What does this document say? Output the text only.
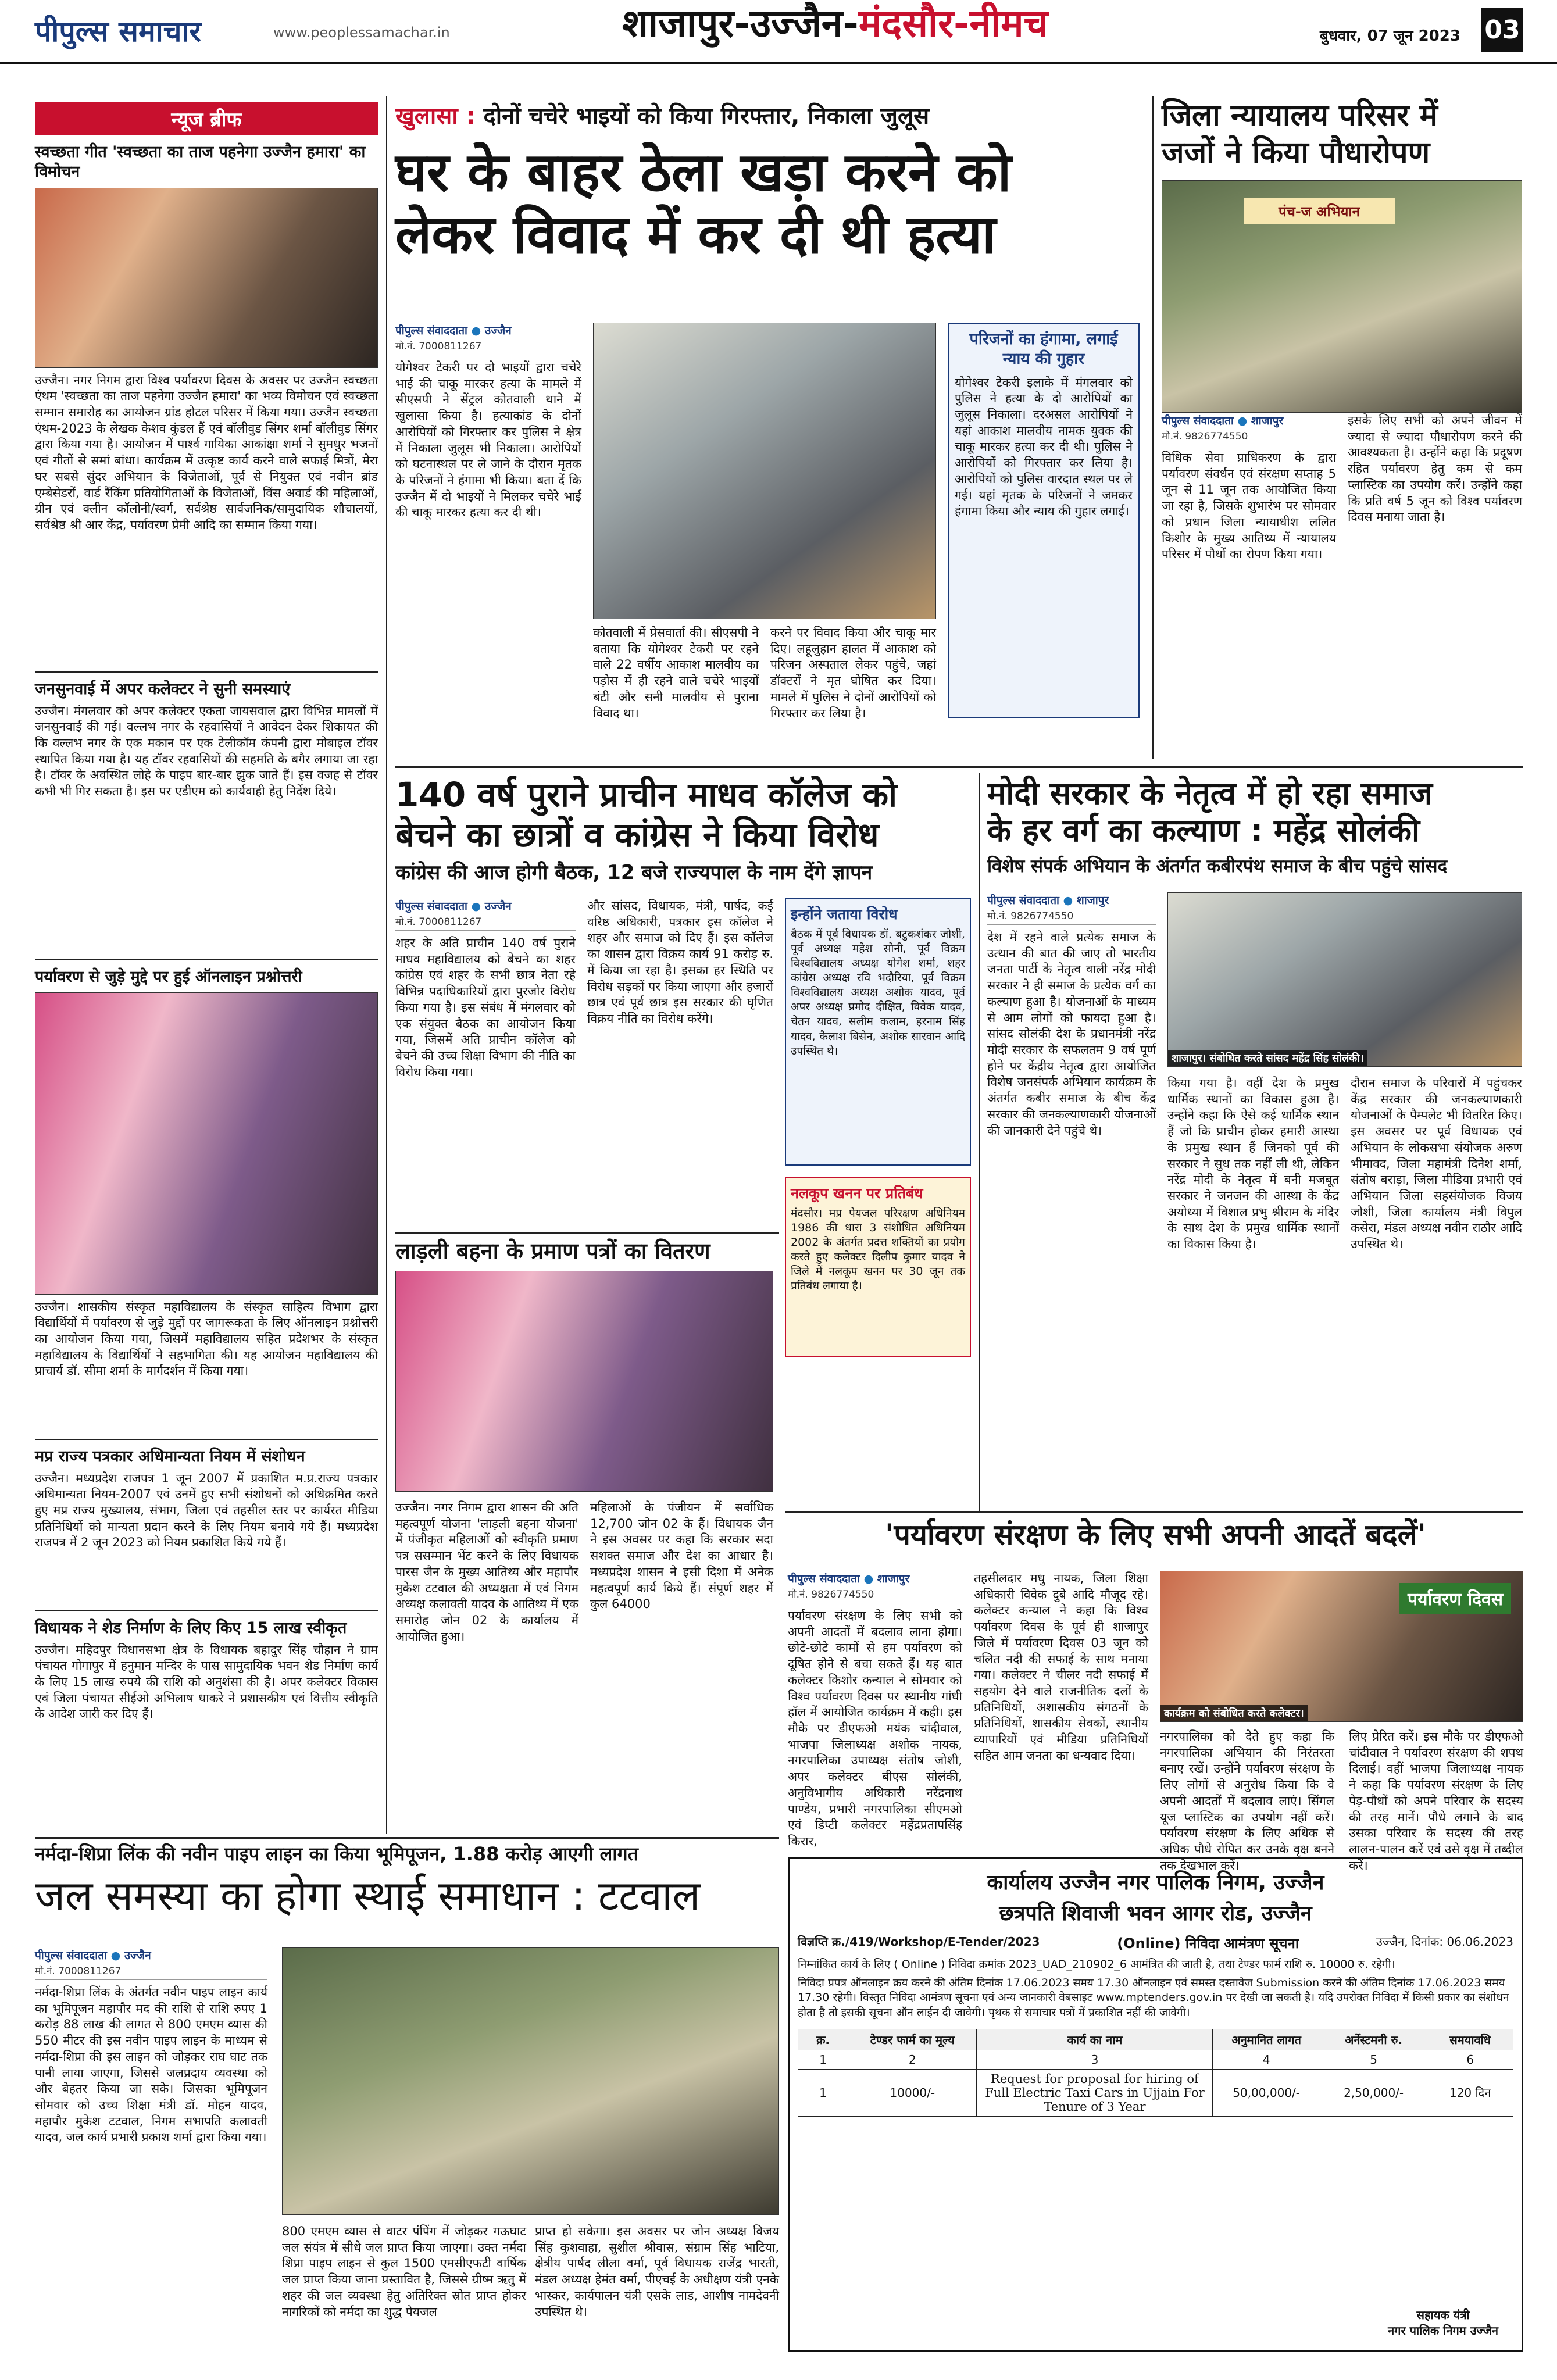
पीपुल्स समाचार	www.peoplessamachar.in	शाजापुर-उज्जैन-मंदसौर-नीमच	बुधवार, 07 जून 2023 03
न्यूज ब्रीफ
स्वच्छता गीत 'स्वच्छता का ताज पहनेगा उज्जैन हमारा' का विमोचन

उज्जैन। नगर निगम द्वारा विश्व पर्यावरण दिवस के अवसर पर उज्जैन स्वच्छता एंथम 'स्वच्छता का ताज पहनेगा उज्जैन हमारा' का भव्य विमोचन एवं स्वच्छता सम्मान समारोह का आयोजन ग्रांड होटल परिसर में किया गया। उज्जैन स्वच्छता एंथम-2023 के लेखक केशव कुंडल हैं एवं बॉलीवुड सिंगर शर्मा बॉलीवुड सिंगर द्वारा किया गया है। आयोजन में पार्श्व गायिका आकांक्षा शर्मा ने सुमधुर भजनों एवं गीतों से समां बांधा। कार्यक्रम में उत्कृष्ट कार्य करने वाले सफाई मित्रों, मेरा घर सबसे सुंदर अभियान के विजेताओं, पूर्व से नियुक्त एवं नवीन ब्रांड एम्बेसेडरों, वार्ड रैंकिंग प्रतियोगिताओं के विजेताओं, विंस अवार्ड की महिलाओं, ग्रीन एवं क्लीन कॉलोनी/स्वर्ग, सर्वश्रेष्ठ सार्वजनिक/सामुदायिक शौचालयों, सर्वश्रेष्ठ श्री आर केंद्र, पर्यावरण प्रेमी आदि का सम्मान किया गया।

जनसुनवाई में अपर कलेक्टर ने सुनी समस्याएं

उज्जैन। मंगलवार को अपर कलेक्टर एकता जायसवाल द्वारा विभिन्न मामलों में जनसुनवाई की गई। वल्लभ नगर के रहवासियों ने आवेदन देकर शिकायत की कि वल्लभ नगर के एक मकान पर एक टेलीकॉम कंपनी द्वारा मोबाइल टॉवर स्थापित किया गया है। यह टॉवर रहवासियों की सहमति के बगैर लगाया जा रहा है। टॉवर के अवस्थित लोहे के पाइप बार-बार झुक जाते हैं। इस वजह से टॉवर कभी भी गिर सकता है। इस पर एडीएम को कार्यवाही हेतु निर्देश दिये।

पर्यावरण से जुड़े मुद्दे पर हुई ऑनलाइन प्रश्नोत्तरी

उज्जैन। शासकीय संस्कृत महाविद्यालय के संस्कृत साहित्य विभाग द्वारा विद्यार्थियों में पर्यावरण से जुड़े मुद्दों पर जागरूकता के लिए ऑनलाइन प्रश्नोत्तरी का आयोजन किया गया, जिसमें महाविद्यालय सहित प्रदेशभर के संस्कृत महाविद्यालय के विद्यार्थियों ने सहभागिता की। यह आयोजन महाविद्यालय की प्राचार्य डॉ. सीमा शर्मा के मार्गदर्शन में किया गया।

मप्र राज्य पत्रकार अधिमान्यता नियम में संशोधन

उज्जैन। मध्यप्रदेश राजपत्र 1 जून 2007 में प्रकाशित म.प्र.राज्य पत्रकार अधिमान्यता नियम-2007 एवं उनमें हुए सभी संशोधनों को अधिक्रमित करते हुए मप्र राज्य मुख्यालय, संभाग, जिला एवं तहसील स्तर पर कार्यरत मीडिया प्रतिनिधियों को मान्यता प्रदान करने के लिए नियम बनाये गये हैं। मध्यप्रदेश राजपत्र में 2 जून 2023 को नियम प्रकाशित किये गये हैं।

विधायक ने शेड निर्माण के लिए किए 15 लाख स्वीकृत

उज्जैन। महिदपुर विधानसभा क्षेत्र के विधायक बहादुर सिंह चौहान ने ग्राम पंचायत गोगापुर में हनुमान मन्दिर के पास सामुदायिक भवन शेड निर्माण कार्य के लिए 15 लाख रुपये की राशि को अनुशंसा की है। अपर कलेक्टर विकास एवं जिला पंचायत सीईओ अभिलाष धाकरे ने प्रशासकीय एवं वित्तीय स्वीकृति के आदेश जारी कर दिए हैं।

खुलासा : दोनों चचेरे भाइयों को किया गिरफ्तार, निकाला जुलूस
घर के बाहर ठेला खड़ा करने को
लेकर विवाद में कर दी थी हत्या
पीपुल्स संवाददाता ● उज्जैन
मो.नं. 7000811267

योगेश्वर टेकरी पर दो भाइयों द्वारा चचेरे भाई की चाकू मारकर हत्या के मामले में सीएसपी ने सेंट्रल कोतवाली थाने में खुलासा किया है। हत्याकांड के दोनों आरोपियों को गिरफ्तार कर पुलिस ने क्षेत्र में निकाला जुलूस भी निकाला। आरोपियों को घटनास्थल पर ले जाने के दौरान मृतक के परिजनों ने हंगामा भी किया। बता दें कि उज्जैन में दो भाइयों ने मिलकर चचेरे भाई की चाकू मारकर हत्या कर दी थी।

कोतवाली में प्रेसवार्ता की। सीएसपी ने बताया कि योगेश्वर टेकरी पर रहने वाले 22 वर्षीय आकाश मालवीय का पड़ोस में ही रहने वाले चचेरे भाइयों बंटी और सनी मालवीय से पुराना विवाद था।

करने पर विवाद किया और चाकू मार दिए। लहूलुहान हालत में आकाश को परिजन अस्पताल लेकर पहुंचे, जहां डॉक्टरों ने मृत घोषित कर दिया। मामले में पुलिस ने दोनों आरोपियों को गिरफ्तार कर लिया है।

परिजनों का हंगामा, लगाई न्याय की गुहार

योगेश्वर टेकरी इलाके में मंगलवार को पुलिस ने हत्या के दो आरोपियों का जुलूस निकाला। दरअसल आरोपियों ने यहां आकाश मालवीय नामक युवक की चाकू मारकर हत्या कर दी थी। पुलिस ने आरोपियों को गिरफ्तार कर लिया है। आरोपियों को पुलिस वारदात स्थल पर ले गई। यहां मृतक के परिजनों ने जमकर हंगामा किया और न्याय की गुहार लगाई।

जिला न्यायालय परिसर में
जजों ने किया पौधारोपण
पंच-ज अभियान
पीपुल्स संवाददाता ● शाजापुर
मो.नं. 9826774550

विधिक सेवा प्राधिकरण के द्वारा पर्यावरण संवर्धन एवं संरक्षण सप्ताह 5 जून से 11 जून तक आयोजित किया जा रहा है, जिसके शुभारंभ पर सोमवार को प्रधान जिला न्यायाधीश ललित किशोर के मुख्य आतिथ्य में न्यायालय परिसर में पौधों का रोपण किया गया।

इसके लिए सभी को अपने जीवन में ज्यादा से ज्यादा पौधारोपण करने की आवश्यकता है। उन्होंने कहा कि प्रदूषण रहित पर्यावरण हेतु कम से कम प्लास्टिक का उपयोग करें। उन्होंने कहा कि प्रति वर्ष 5 जून को विश्व पर्यावरण दिवस मनाया जाता है।

140 वर्ष पुराने प्राचीन माधव कॉलेज को
बेचने का छात्रों व कांग्रेस ने किया विरोध
कांग्रेस की आज होगी बैठक, 12 बजे राज्यपाल के नाम देंगे ज्ञापन
पीपुल्स संवाददाता ● उज्जैन
मो.नं. 7000811267

शहर के अति प्राचीन 140 वर्ष पुराने माधव महाविद्यालय को बेचने का शहर कांग्रेस एवं शहर के सभी छात्र नेता रहे विभिन्न पदाधिकारियों द्वारा पुरजोर विरोध किया गया है। इस संबंध में मंगलवार को एक संयुक्त बैठक का आयोजन किया गया, जिसमें अति प्राचीन कॉलेज को बेचने की उच्च शिक्षा विभाग की नीति का विरोध किया गया।

और सांसद, विधायक, मंत्री, पार्षद, कई वरिष्ठ अधिकारी, पत्रकार इस कॉलेज ने शहर और समाज को दिए हैं। इस कॉलेज का शासन द्वारा विक्रय कार्य 91 करोड़ रु. में किया जा रहा है। इसका हर स्थिति पर विरोध सड़कों पर किया जाएगा और हजारों छात्र एवं पूर्व छात्र इस सरकार की घृणित विक्रय नीति का विरोध करेंगे।

इन्होंने जताया विरोध

बैठक में पूर्व विधायक डॉ. बटुकशंकर जोशी, पूर्व अध्यक्ष महेश सोनी, पूर्व विक्रम विश्वविद्यालय अध्यक्ष योगेश शर्मा, शहर कांग्रेस अध्यक्ष रवि भदौरिया, पूर्व विक्रम विश्वविद्यालय अध्यक्ष अशोक यादव, पूर्व अपर अध्यक्ष प्रमोद दीक्षित, विवेक यादव, चेतन यादव, सलीम कलाम, हरनाम सिंह यादव, कैलाश बिसेन, अशोक सारवान आदि उपस्थित थे।

नलकूप खनन पर प्रतिबंध

मंदसौर। मप्र पेयजल परिरक्षण अधिनियम 1986 की धारा 3 संशोधित अधिनियम 2002 के अंतर्गत प्रदत्त शक्तियों का प्रयोग करते हुए कलेक्टर दिलीप कुमार यादव ने जिले में नलकूप खनन पर 30 जून तक प्रतिबंध लगाया है।

लाड़ली बहना के प्रमाण पत्रों का वितरण

उज्जैन। नगर निगम द्वारा शासन की अति महत्वपूर्ण योजना 'लाड़ली बहना योजना' में पंजीकृत महिलाओं को स्वीकृति प्रमाण पत्र ससम्मान भेंट करने के लिए विधायक पारस जैन के मुख्य आतिथ्य और महापौर मुकेश टटवाल की अध्यक्षता में एवं निगम अध्यक्ष कलावती यादव के आतिथ्य में एक समारोह जोन 02 के कार्यालय में आयोजित हुआ।

महिलाओं के पंजीयन में सर्वाधिक 12,700 जोन 02 के हैं। विधायक जैन ने इस अवसर पर कहा कि सरकार सदा सशक्त समाज और देश का आधार है। मध्यप्रदेश शासन ने इसी दिशा में अनेक महत्वपूर्ण कार्य किये हैं। संपूर्ण शहर में कुल 64000

मोदी सरकार के नेतृत्व में हो रहा समाज
के हर वर्ग का कल्याण : महेंद्र सोलंकी
विशेष संपर्क अभियान के अंतर्गत कबीरपंथ समाज के बीच पहुंचे सांसद
पीपुल्स संवाददाता ● शाजापुर
मो.नं. 9826774550

देश में रहने वाले प्रत्येक समाज के उत्थान की बात की जाए तो भारतीय जनता पार्टी के नेतृत्व वाली नरेंद्र मोदी सरकार ने ही समाज के प्रत्येक वर्ग का कल्याण हुआ है। योजनाओं के माध्यम से आम लोगों को फायदा हुआ है। सांसद सोलंकी देश के प्रधानमंत्री नरेंद्र मोदी सरकार के सफलतम 9 वर्ष पूर्ण होने पर केंद्रीय नेतृत्व द्वारा आयोजित विशेष जनसंपर्क अभियान कार्यक्रम के अंतर्गत कबीर समाज के बीच केंद्र सरकार की जनकल्याणकारी योजनाओं की जानकारी देने पहुंचे थे।

शाजापुर। संबोधित करते सांसद महेंद्र सिंह सोलंकी।

किया गया है। वहीं देश के प्रमुख धार्मिक स्थानों का विकास हुआ है। उन्होंने कहा कि ऐसे कई धार्मिक स्थान हैं जो कि प्राचीन होकर हमारी आस्था के प्रमुख स्थान हैं जिनको पूर्व की सरकार ने सुध तक नहीं ली थी, लेकिन नरेंद्र मोदी के नेतृत्व में बनी मजबूत सरकार ने जनजन की आस्था के केंद्र अयोध्या में विशाल प्रभु श्रीराम के मंदिर के साथ देश के प्रमुख धार्मिक स्थानों का विकास किया है।

दौरान समाज के परिवारों में पहुंचकर केंद्र सरकार की जनकल्याणकारी योजनाओं के पैम्पलेट भी वितरित किए। इस अवसर पर पूर्व विधायक एवं अभियान के लोकसभा संयोजक अरुण भीमावद, जिला महामंत्री दिनेश शर्मा, संतोष बराड़ा, जिला मीडिया प्रभारी एवं अभियान जिला सहसंयोजक विजय जोशी, जिला कार्यालय मंत्री विपुल कसेरा, मंडल अध्यक्ष नवीन राठौर आदि उपस्थित थे।

'पर्यावरण संरक्षण के लिए सभी अपनी आदतें बदलें'
पीपुल्स संवाददाता ● शाजापुर
मो.नं. 9826774550

पर्यावरण संरक्षण के लिए सभी को अपनी आदतों में बदलाव लाना होगा। छोटे-छोटे कामों से हम पर्यावरण को दूषित होने से बचा सकते हैं। यह बात कलेक्टर किशोर कन्याल ने सोमवार को विश्व पर्यावरण दिवस पर स्थानीय गांधी हॉल में आयोजित कार्यक्रम में कही। इस मौके पर डीएफओ मयंक चांदीवाल, भाजपा जिलाध्यक्ष अशोक नायक, नगरपालिका उपाध्यक्ष संतोष जोशी, अपर कलेक्टर बीएस सोलंकी, अनुविभागीय अधिकारी नरेंद्रनाथ पाण्डेय, प्रभारी नगरपालिका सीएमओ एवं डिप्टी कलेक्टर महेंद्रप्रतापसिंह किरार,

तहसीलदार मधु नायक, जिला शिक्षा अधिकारी विवेक दुबे आदि मौजूद रहे। कलेक्टर कन्याल ने कहा कि विश्व पर्यावरण दिवस के पूर्व ही शाजापुर जिले में पर्यावरण दिवस 03 जून को चलित नदी की सफाई के साथ मनाया गया। कलेक्टर ने चीलर नदी सफाई में सहयोग देने वाले राजनीतिक दलों के प्रतिनिधियों, अशासकीय संगठनों के प्रतिनिधियों, शासकीय सेवकों, स्थानीय व्यापारियों एवं मीडिया प्रतिनिधियों सहित आम जनता का धन्यवाद दिया।

पर्यावरण दिवस
कार्यक्रम को संबोधित करते कलेक्टर।

नगरपालिका को देते हुए कहा कि नगरपालिका अभियान की निरंतरता बनाए रखें। उन्होंने पर्यावरण संरक्षण के लिए लोगों से अनुरोध किया कि वे अपनी आदतों में बदलाव लाएं। सिंगल यूज प्लास्टिक का उपयोग नहीं करें। पर्यावरण संरक्षण के लिए अधिक से अधिक पौधे रोपित कर उनके वृक्ष बनने तक देखभाल करें।

लिए प्रेरित करें। इस मौके पर डीएफओ चांदीवाल ने पर्यावरण संरक्षण की शपथ दिलाई। वहीं भाजपा जिलाध्यक्ष नायक ने कहा कि पर्यावरण संरक्षण के लिए पेड़-पौधों को अपने परिवार के सदस्य की तरह मानें। पौधे लगाने के बाद उसका परिवार के सदस्य की तरह लालन-पालन करें एवं उसे वृक्ष में तब्दील करें।

नर्मदा-शिप्रा लिंक की नवीन पाइप लाइन का किया भूमिपूजन, 1.88 करोड़ आएगी लागत
जल समस्या का होगा स्थाई समाधान : टटवाल
पीपुल्स संवाददाता ● उज्जैन
मो.नं. 7000811267

नर्मदा-शिप्रा लिंक के अंतर्गत नवीन पाइप लाइन कार्य का भूमिपूजन महापौर मद की राशि से राशि रुपए 1 करोड़ 88 लाख की लागत से 800 एमएम व्यास की 550 मीटर की इस नवीन पाइप लाइन के माध्यम से नर्मदा-शिप्रा की इस लाइन को जोड़कर राघ घाट तक पानी लाया जाएगा, जिससे जलप्रदाय व्यवस्था को और बेहतर किया जा सके। जिसका भूमिपूजन सोमवार को उच्च शिक्षा मंत्री डॉ. मोहन यादव, महापौर मुकेश टटवाल, निगम सभापति कलावती यादव, जल कार्य प्रभारी प्रकाश शर्मा द्वारा किया गया।

800 एमएम व्यास से वाटर पंपिंग में जोड़कर गऊघाट जल संयंत्र में सीधे जल प्राप्त किया जाएगा। उक्त नर्मदा शिप्रा पाइप लाइन से कुल 1500 एमसीएफटी वार्षिक जल प्राप्त किया जाना प्रस्तावित है, जिससे ग्रीष्म ऋतु में शहर की जल व्यवस्था हेतु अतिरिक्त स्रोत प्राप्त होकर नागरिकों को नर्मदा का शुद्ध पेयजल

प्राप्त हो सकेगा। इस अवसर पर जोन अध्यक्ष विजय सिंह कुशवाहा, सुशील श्रीवास, संग्राम सिंह भाटिया, क्षेत्रीय पार्षद लीला वर्मा, पूर्व विधायक राजेंद्र भारती, मंडल अध्यक्ष हेमंत वर्मा, पीएचई के अधीक्षण यंत्री एनके भास्कर, कार्यपालन यंत्री एसके लाड, आशीष नामदेवनी उपस्थित थे।

कार्यालय उज्जैन नगर पालिक निगम, उज्जैन
छत्रपति शिवाजी भवन आगर रोड, उज्जैन
विज्ञप्ति क्र./419/Workshop/E-Tender/2023	(Online) निविदा आमंत्रण सूचना	उज्जैन, दिनांक: 06.06.2023

निम्नांकित कार्य के लिए ( Online ) निविदा क्रमांक 2023_UAD_210902_6 आमंत्रित की जाती है, तथा टेण्डर फार्म राशि रु. 10000 रु. रहेगी।

निविदा प्रपत्र ऑनलाइन क्रय करने की अंतिम दिनांक 17.06.2023 समय 17.30 ऑनलाइन एवं समस्त दस्तावेज Submission करने की अंतिम दिनांक 17.06.2023 समय 17.30 रहेगी। विस्तृत निविदा आमंत्रण सूचना एवं अन्य जानकारी वेबसाइट www.mptenders.gov.in पर देखी जा सकती है। यदि उपरोक्त निविदा में किसी प्रकार का संशोधन होता है तो इसकी सूचना ऑन लाईन दी जावेगी। पृथक से समाचार पत्रों में प्रकाशित नहीं की जावेगी।

क्र.	टेण्डर फार्म का मूल्य	कार्य का नाम	अनुमानित लागत	अर्नेस्टमनी रु.	समयावधि
1	2	3	4	5	6
1	10000/-	Request for proposal for hiring of Full Electric Taxi Cars in Ujjain For Tenure of 3 Year	50,00,000/-	2,50,000/-	120 दिन
सहायक यंत्री
नगर पालिक निगम उज्जैन
